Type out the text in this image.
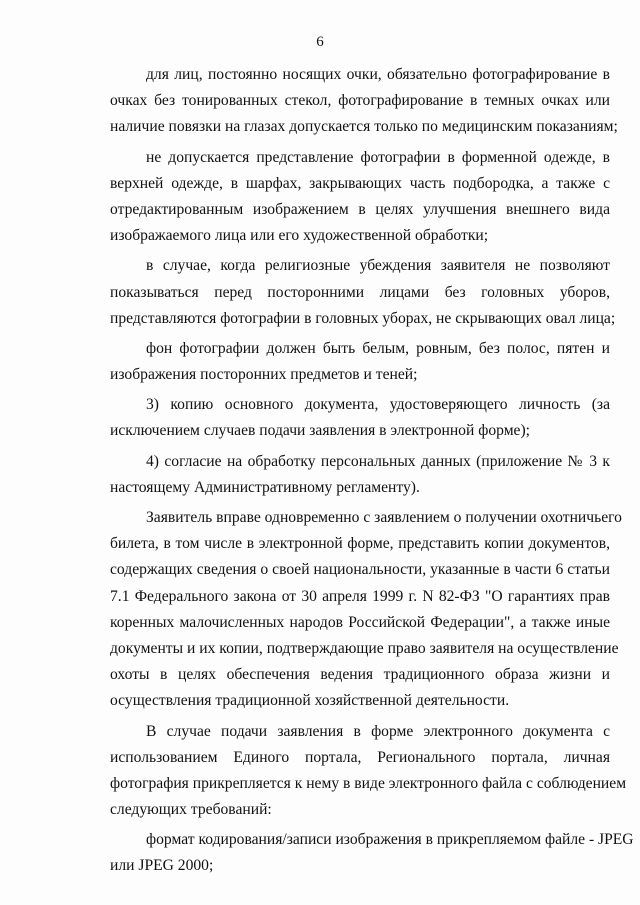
6
для лиц, постоянно носящих очки, обязательно фотографирование в
очках без тонированных стекол, фотографирование в темных очках или
наличие повязки на глазах допускается только по медицинским показаниям;
не допускается представление фотографии в форменной одежде, в
верхней одежде, в шарфах, закрывающих часть подбородка, а также с
отредактированным изображением в целях улучшения внешнего вида
изображаемого лица или его художественной обработки;
в случае, когда религиозные убеждения заявителя не позволяют
показываться перед посторонними лицами без головных уборов,
представляются фотографии в головных уборах, не скрывающих овал лица;
фон фотографии должен быть белым, ровным, без полос, пятен и
изображения посторонних предметов и теней;
3) копию основного документа, удостоверяющего личность (за
исключением случаев подачи заявления в электронной форме);
4) согласие на обработку персональных данных (приложение № 3 к
настоящему Административному регламенту).
Заявитель вправе одновременно с заявлением о получении охотничьего
билета, в том числе в электронной форме, представить копии документов,
содержащих сведения о своей национальности, указанные в части 6 статьи
7.1 Федерального закона от 30 апреля 1999 г. N 82-ФЗ "О гарантиях прав
коренных малочисленных народов Российской Федерации", а также иные
документы и их копии, подтверждающие право заявителя на осуществление
охоты в целях обеспечения ведения традиционного образа жизни и
осуществления традиционной хозяйственной деятельности.
В случае подачи заявления в форме электронного документа с
использованием Единого портала, Регионального портала, личная
фотография прикрепляется к нему в виде электронного файла с соблюдением
следующих требований:
формат кодирования/записи изображения в прикрепляемом файле - JPEG
или JPEG 2000;
